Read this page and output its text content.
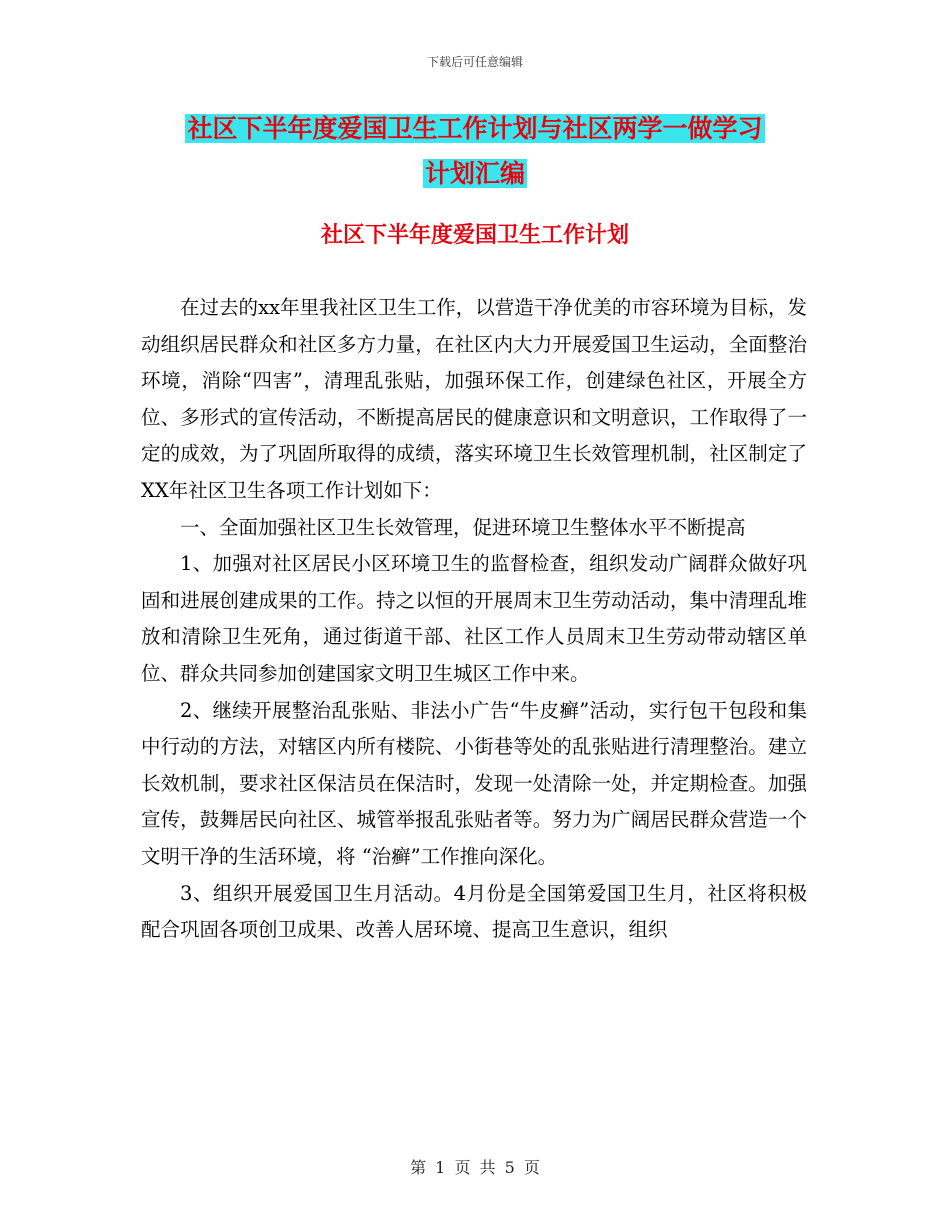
下载后可任意编辑
社区下半年度爱国卫生工作计划与社区两学一做学习
计划汇编
社区下半年度爱国卫生工作计划

在过去的xx年里我社区卫生工作，以营造干净优美的市容环境为目标，发动组织居民群众和社区多方力量，在社区内大力开展爱国卫生运动，全面整治环境，消除“四害”，清理乱张贴，加强环保工作，创建绿色社区，开展全方位、多形式的宣传活动，不断提高居民的健康意识和文明意识，工作取得了一定的成效，为了巩固所取得的成绩，落实环境卫生长效管理机制，社区制定了XX年社区卫生各项工作计划如下：

一、全面加强社区卫生长效管理，促进环境卫生整体水平不断提高

1、加强对社区居民小区环境卫生的监督检查，组织发动广阔群众做好巩固和进展创建成果的工作。持之以恒的开展周末卫生劳动活动，集中清理乱堆放和清除卫生死角，通过街道干部、社区工作人员周末卫生劳动带动辖区单位、群众共同参加创建国家文明卫生城区工作中来。

2、继续开展整治乱张贴、非法小广告“牛皮癣”活动，实行包干包段和集中行动的方法，对辖区内所有楼院、小街巷等处的乱张贴进行清理整治。建立长效机制，要求社区保洁员在保洁时，发现一处清除一处，并定期检查。加强宣传，鼓舞居民向社区、城管举报乱张贴者等。努力为广阔居民群众营造一个文明干净的生活环境，将 “治癣”工作推向深化。

3、组织开展爱国卫生月活动。4月份是全国第爱国卫生月，社区将积极配合巩固各项创卫成果、改善人居环境、提高卫生意识，组织

第 1 页 共 5 页
